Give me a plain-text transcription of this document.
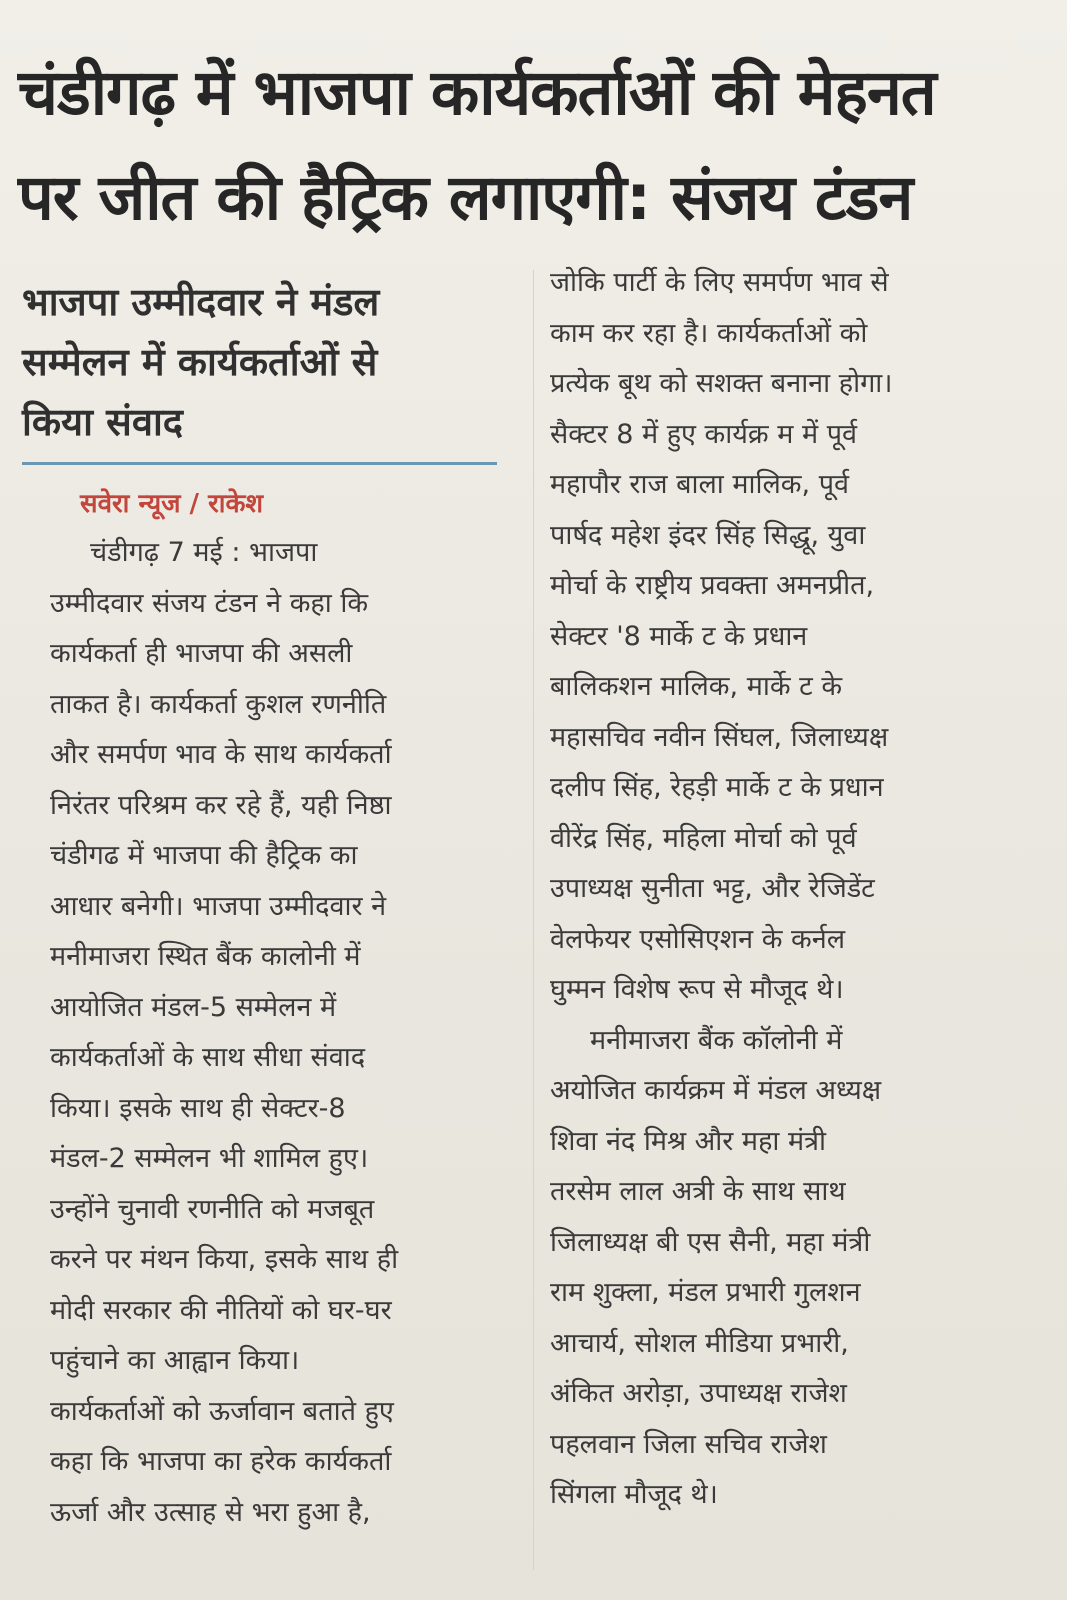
चंडीगढ़ में भाजपा कार्यकर्ताओं की मेहनत
पर जीत की हैट्रिक लगाएगी: संजय टंडन
भाजपा उम्मीदवार ने मंडल
सम्मेलन में कार्यकर्ताओं से
किया संवाद
सवेरा न्यूज / राकेश
चंडीगढ़ 7 मई : भाजपा
उम्मीदवार संजय टंडन ने कहा कि
कार्यकर्ता ही भाजपा की असली
ताकत है। कार्यकर्ता कुशल रणनीति
और समर्पण भाव के साथ कार्यकर्ता
निरंतर परिश्रम कर रहे हैं, यही निष्ठा
चंडीगढ में भाजपा की हैट्रिक का
आधार बनेगी। भाजपा उम्मीदवार ने
मनीमाजरा स्थित बैंक कालोनी में
आयोजित मंडल-5 सम्मेलन में
कार्यकर्ताओं के साथ सीधा संवाद
किया। इसके साथ ही सेक्टर-8
मंडल-2 सम्मेलन भी शामिल हुए।
उन्होंने चुनावी रणनीति को मजबूत
करने पर मंथन किया, इसके साथ ही
मोदी सरकार की नीतियों को घर-घर
पहुंचाने का आह्वान किया।
कार्यकर्ताओं को ऊर्जावान बताते हुए
कहा कि भाजपा का हरेक कार्यकर्ता
ऊर्जा और उत्साह से भरा हुआ है,
जोकि पार्टी के लिए समर्पण भाव से
काम कर रहा है। कार्यकर्ताओं को
प्रत्येक बूथ को सशक्त बनाना होगा।
सैक्टर 8 में हुए कार्यक्र म में पूर्व
महापौर राज बाला मालिक, पूर्व
पार्षद महेश इंदर सिंह सिद्धू, युवा
मोर्चा के राष्ट्रीय प्रवक्ता अमनप्रीत,
सेक्टर '8 मार्के ट के प्रधान
बालिकशन मालिक, मार्के ट के
महासचिव नवीन सिंघल, जिलाध्यक्ष
दलीप सिंह, रेहड़ी मार्के ट के प्रधान
वीरेंद्र सिंह, महिला मोर्चा को पूर्व
उपाध्यक्ष सुनीता भट्ट, और रेजिडेंट
वेलफेयर एसोसिएशन के कर्नल
घुम्मन विशेष रूप से मौजूद थे।
मनीमाजरा बैंक कॉलोनी में
अयोजित कार्यक्रम में मंडल अध्यक्ष
शिवा नंद मिश्र और महा मंत्री
तरसेम लाल अत्री के साथ साथ
जिलाध्यक्ष बी एस सैनी, महा मंत्री
राम शुक्ला, मंडल प्रभारी गुलशन
आचार्य, सोशल मीडिया प्रभारी,
अंकित अरोड़ा, उपाध्यक्ष राजेश
पहलवान जिला सचिव राजेश
सिंगला मौजूद थे।
